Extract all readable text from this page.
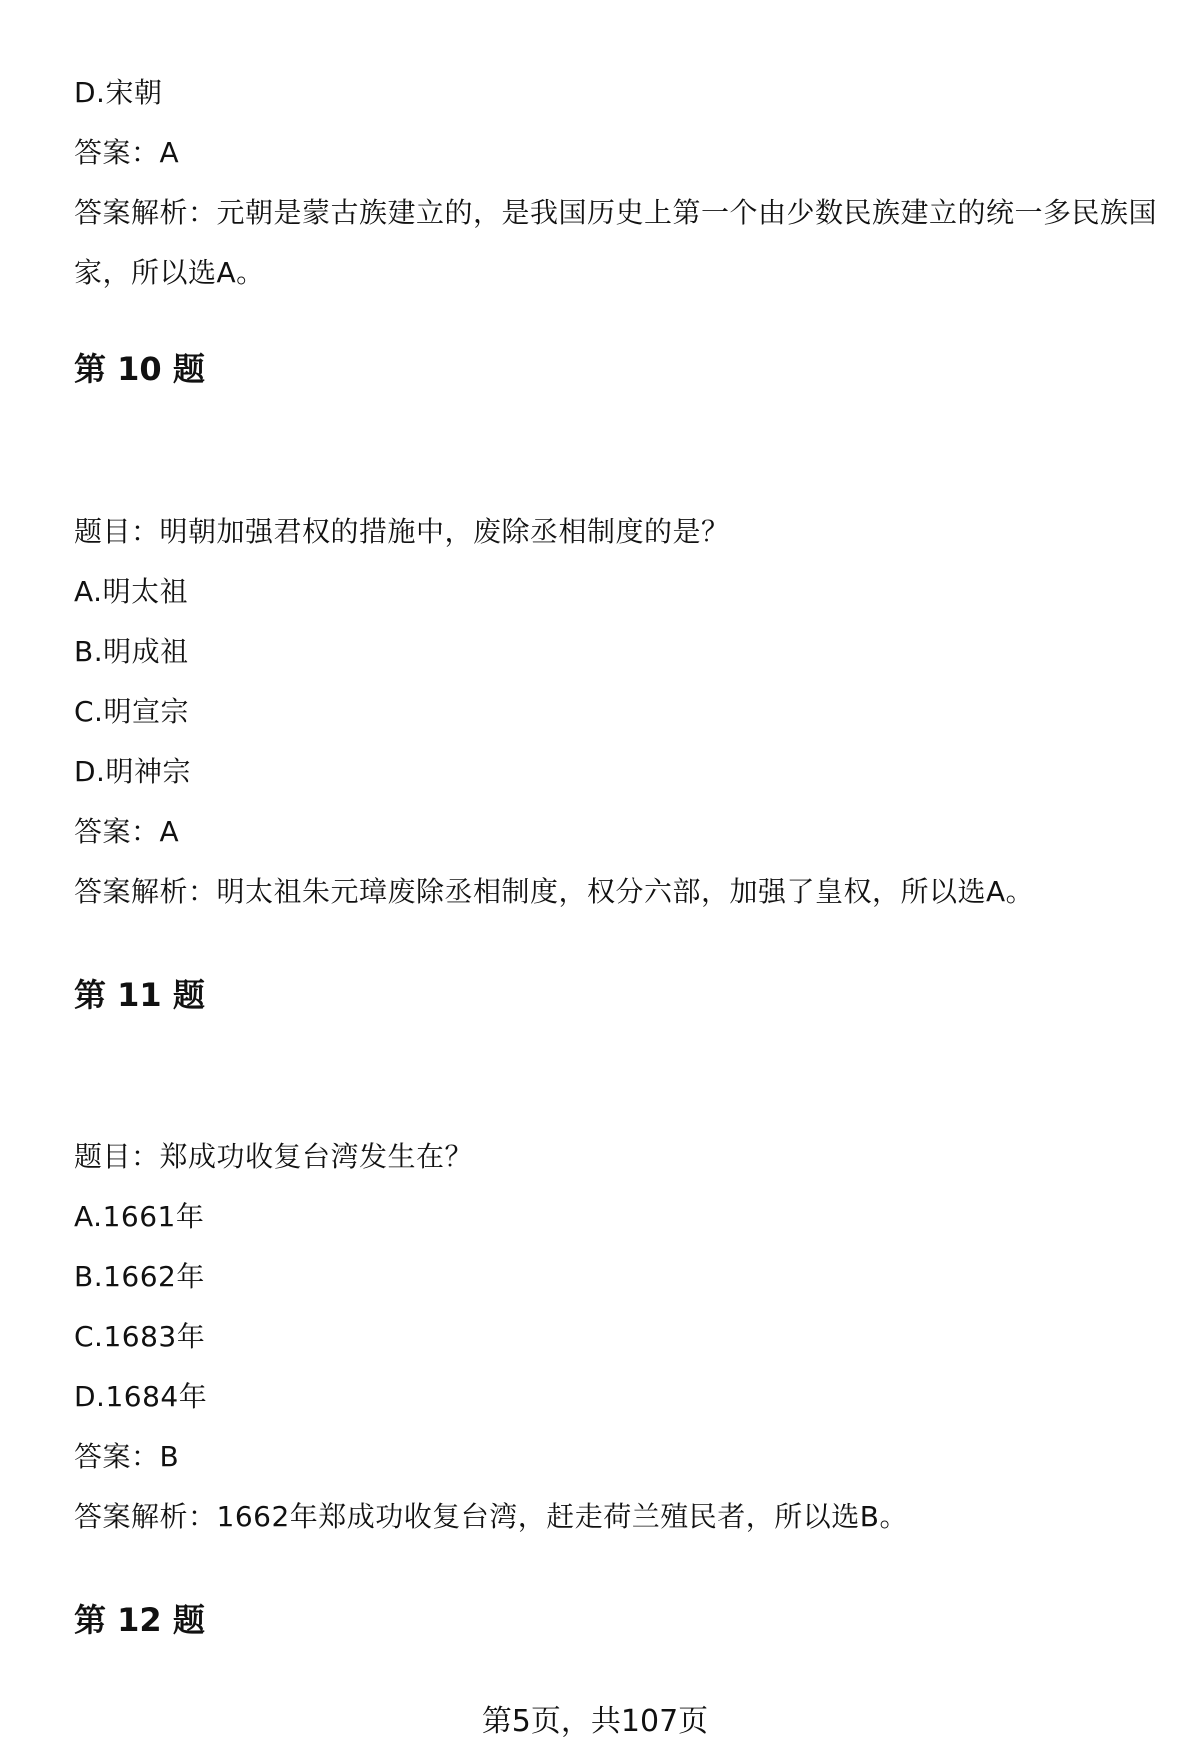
D.宋朝
答案：A
答案解析：元朝是蒙古族建立的，是我国历史上第一个由少数民族建立的统一多民族国家，所以选A。
第 10 题
题目：明朝加强君权的措施中，废除丞相制度的是？
A.明太祖
B.明成祖
C.明宣宗
D.明神宗
答案：A
答案解析：明太祖朱元璋废除丞相制度，权分六部，加强了皇权，所以选A。
第 11 题
题目：郑成功收复台湾发生在？
A.1661年
B.1662年
C.1683年
D.1684年
答案：B
答案解析：1662年郑成功收复台湾，赶走荷兰殖民者，所以选B。
第 12 题
第5页，共107页
